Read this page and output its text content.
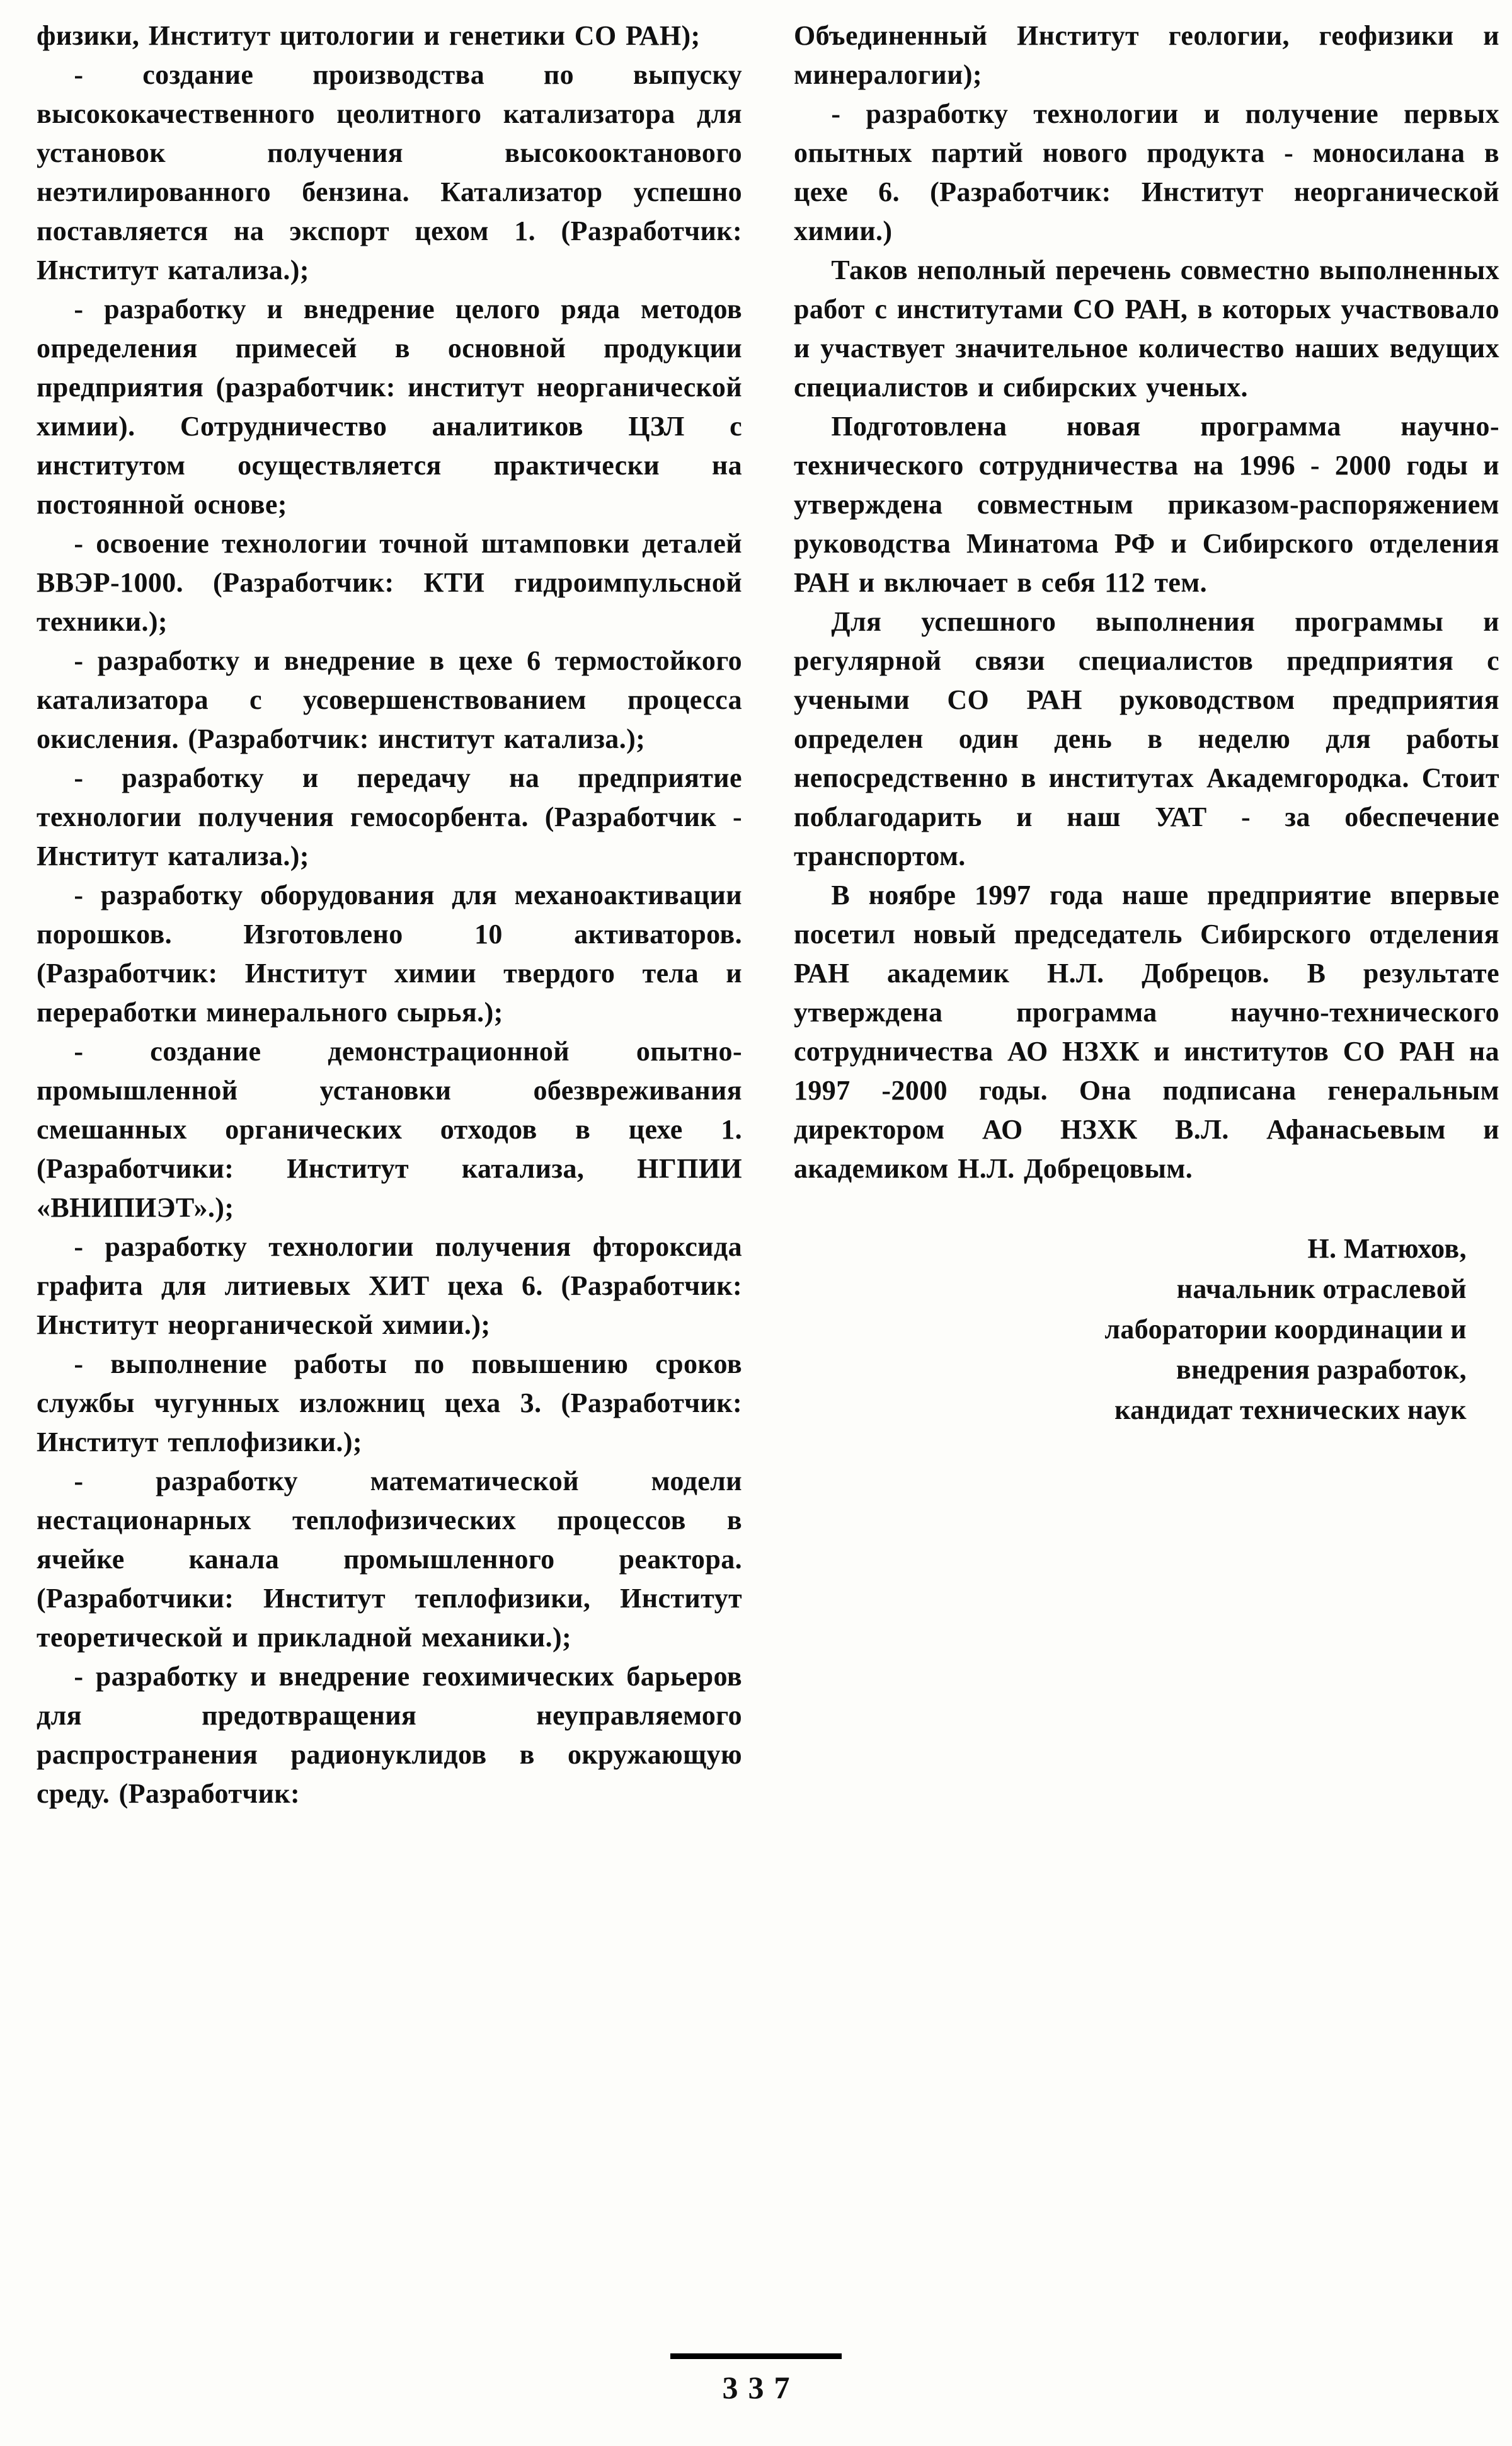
физики, Институт цитологии и генетики СО РАН);

- создание производства по выпуску высококачественного цеолитного катализатора для установок получения высокооктанового неэтилированного бензина. Катализатор успешно поставляется на экспорт цехом 1. (Разработчик: Институт катализа.);

- разработку и внедрение целого ряда методов определения примесей в основной продукции предприятия (разработчик: институт неорганической химии). Сотрудничество аналитиков ЦЗЛ с институтом осуществляется практически на постоянной основе;

- освоение технологии точной штамповки деталей ВВЭР-1000. (Разработчик: КТИ гидроимпульсной техники.);

- разработку и внедрение в цехе 6 термостойкого катализатора с усовершенствованием процесса окисления. (Разработчик: институт катализа.);

- разработку и передачу на предприятие технологии получения гемосорбента. (Разработчик - Институт катализа.);

- разработку оборудования для механоактивации порошков. Изготовлено 10 активаторов. (Разработчик: Институт химии твердого тела и переработки минерального сырья.);

- создание демонстрационной опытно-промышленной установки обезвреживания смешанных органических отходов в цехе 1. (Разработчики: Институт катализа, НГПИИ «ВНИПИЭТ».);

- разработку технологии получения фтороксида графита для литиевых ХИТ цеха 6. (Разработчик: Институт неорганической химии.);

- выполнение работы по повышению сроков службы чугунных изложниц цеха 3. (Разработчик: Институт теплофизики.);

- разработку математической модели нестационарных теплофизических процессов в ячейке канала промышленного реактора. (Разработчики: Институт теплофизики, Институт теоретической и прикладной механики.);

- разработку и внедрение геохимических барьеров для предотвращения неуправляемого распространения радионуклидов в окружающую среду. (Разработчик:

Объединенный Институт геологии, геофизики и минералогии);

- разработку технологии и получение первых опытных партий нового продукта - моносилана в цехе 6. (Разработчик: Институт неорганической химии.)

Таков неполный перечень совместно выполненных работ с институтами СО РАН, в которых участвовало и участвует значительное количество наших ведущих специалистов и сибирских ученых.

Подготовлена новая программа научно-технического сотрудничества на 1996 - 2000 годы и утверждена совместным приказом-распоряжением руководства Минатома РФ и Сибирского отделения РАН и включает в себя 112 тем.

Для успешного выполнения программы и регулярной связи специалистов предприятия с учеными СО РАН руководством предприятия определен один день в неделю для работы непосредственно в институтах Академгородка. Стоит поблагодарить и наш УАТ - за обеспечение транспортом.

В ноябре 1997 года наше предприятие впервые посетил новый председатель Сибирского отделения РАН академик Н.Л. Добрецов. В результате утверждена программа научно-технического сотрудничества АО НЗХК и институтов СО РАН на 1997 -2000 годы. Она подписана генеральным директором АО НЗХК В.Л. Афанасьевым и академиком Н.Л. Добрецовым.

Н. Матюхов,
начальник отраслевой
лаборатории координации и
внедрения разработок,
кандидат технических наук
337
